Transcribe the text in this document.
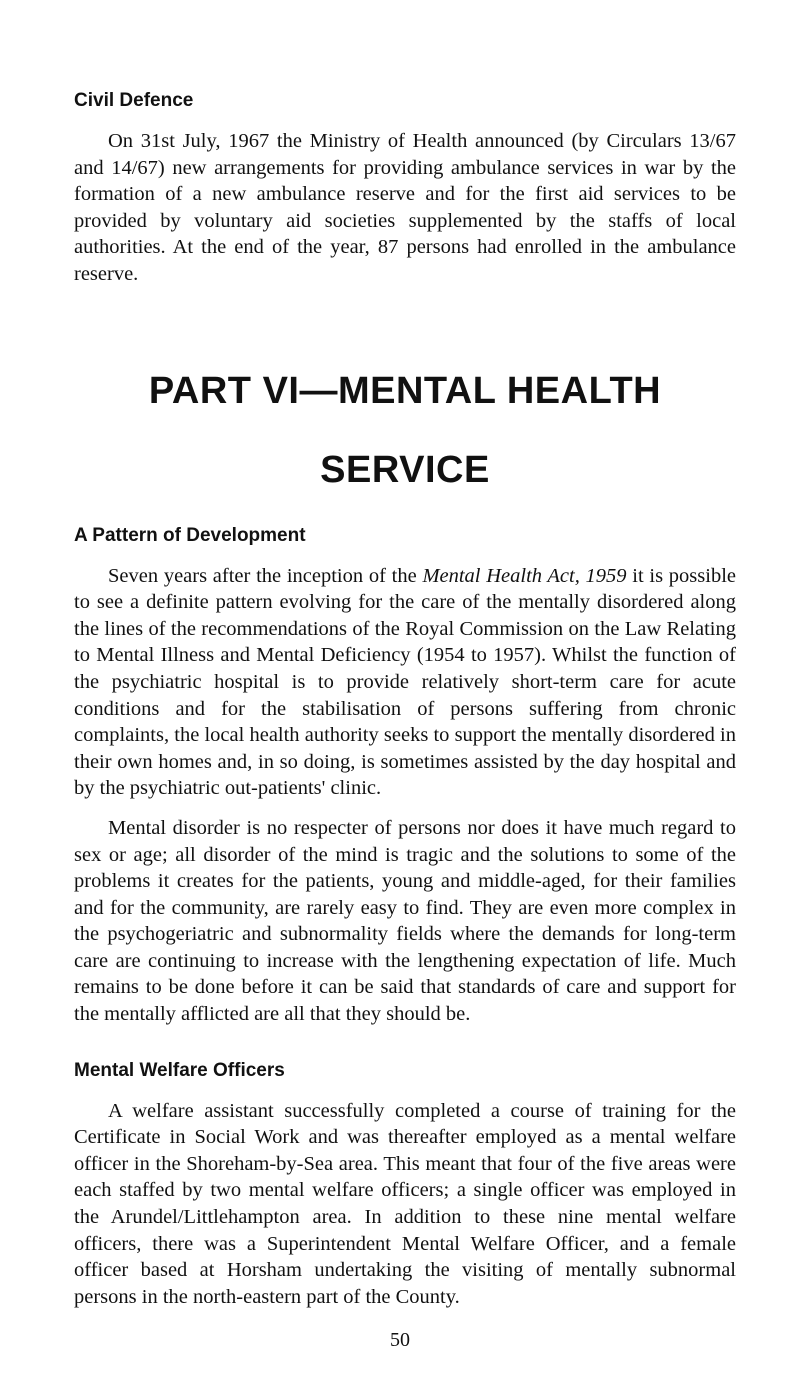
Civil Defence

On 31st July, 1967 the Ministry of Health announced (by Circulars 13/67 and 14/67) new arrangements for providing ambulance services in war by the formation of a new ambulance reserve and for the first aid services to be provided by voluntary aid societies supplemented by the staffs of local authorities. At the end of the year, 87 persons had enrolled in the ambulance reserve.

PART VI—MENTAL HEALTH
SERVICE
A Pattern of Development

Seven years after the inception of the Mental Health Act, 1959 it is possible to see a definite pattern evolving for the care of the mentally disordered along the lines of the recommendations of the Royal Commission on the Law Relating to Mental Illness and Mental Deficiency (1954 to 1957). Whilst the function of the psychiatric hospital is to provide relatively short-term care for acute conditions and for the stabilisation of persons suffering from chronic complaints, the local health authority seeks to support the mentally disordered in their own homes and, in so doing, is sometimes assisted by the day hospital and by the psychiatric out-patients' clinic.

Mental disorder is no respecter of persons nor does it have much regard to sex or age; all disorder of the mind is tragic and the solutions to some of the problems it creates for the patients, young and middle-aged, for their families and for the community, are rarely easy to find. They are even more complex in the psychogeriatric and subnormality fields where the demands for long-term care are continuing to increase with the lengthening expectation of life. Much remains to be done before it can be said that standards of care and support for the mentally afflicted are all that they should be.

Mental Welfare Officers

A welfare assistant successfully completed a course of training for the Certificate in Social Work and was thereafter employed as a mental welfare officer in the Shoreham-by-Sea area. This meant that four of the five areas were each staffed by two mental welfare officers; a single officer was employed in the Arundel/Littlehampton area. In addition to these nine mental welfare officers, there was a Superintendent Mental Welfare Officer, and a female officer based at Horsham undertaking the visiting of mentally subnormal persons in the north-eastern part of the County.

50
